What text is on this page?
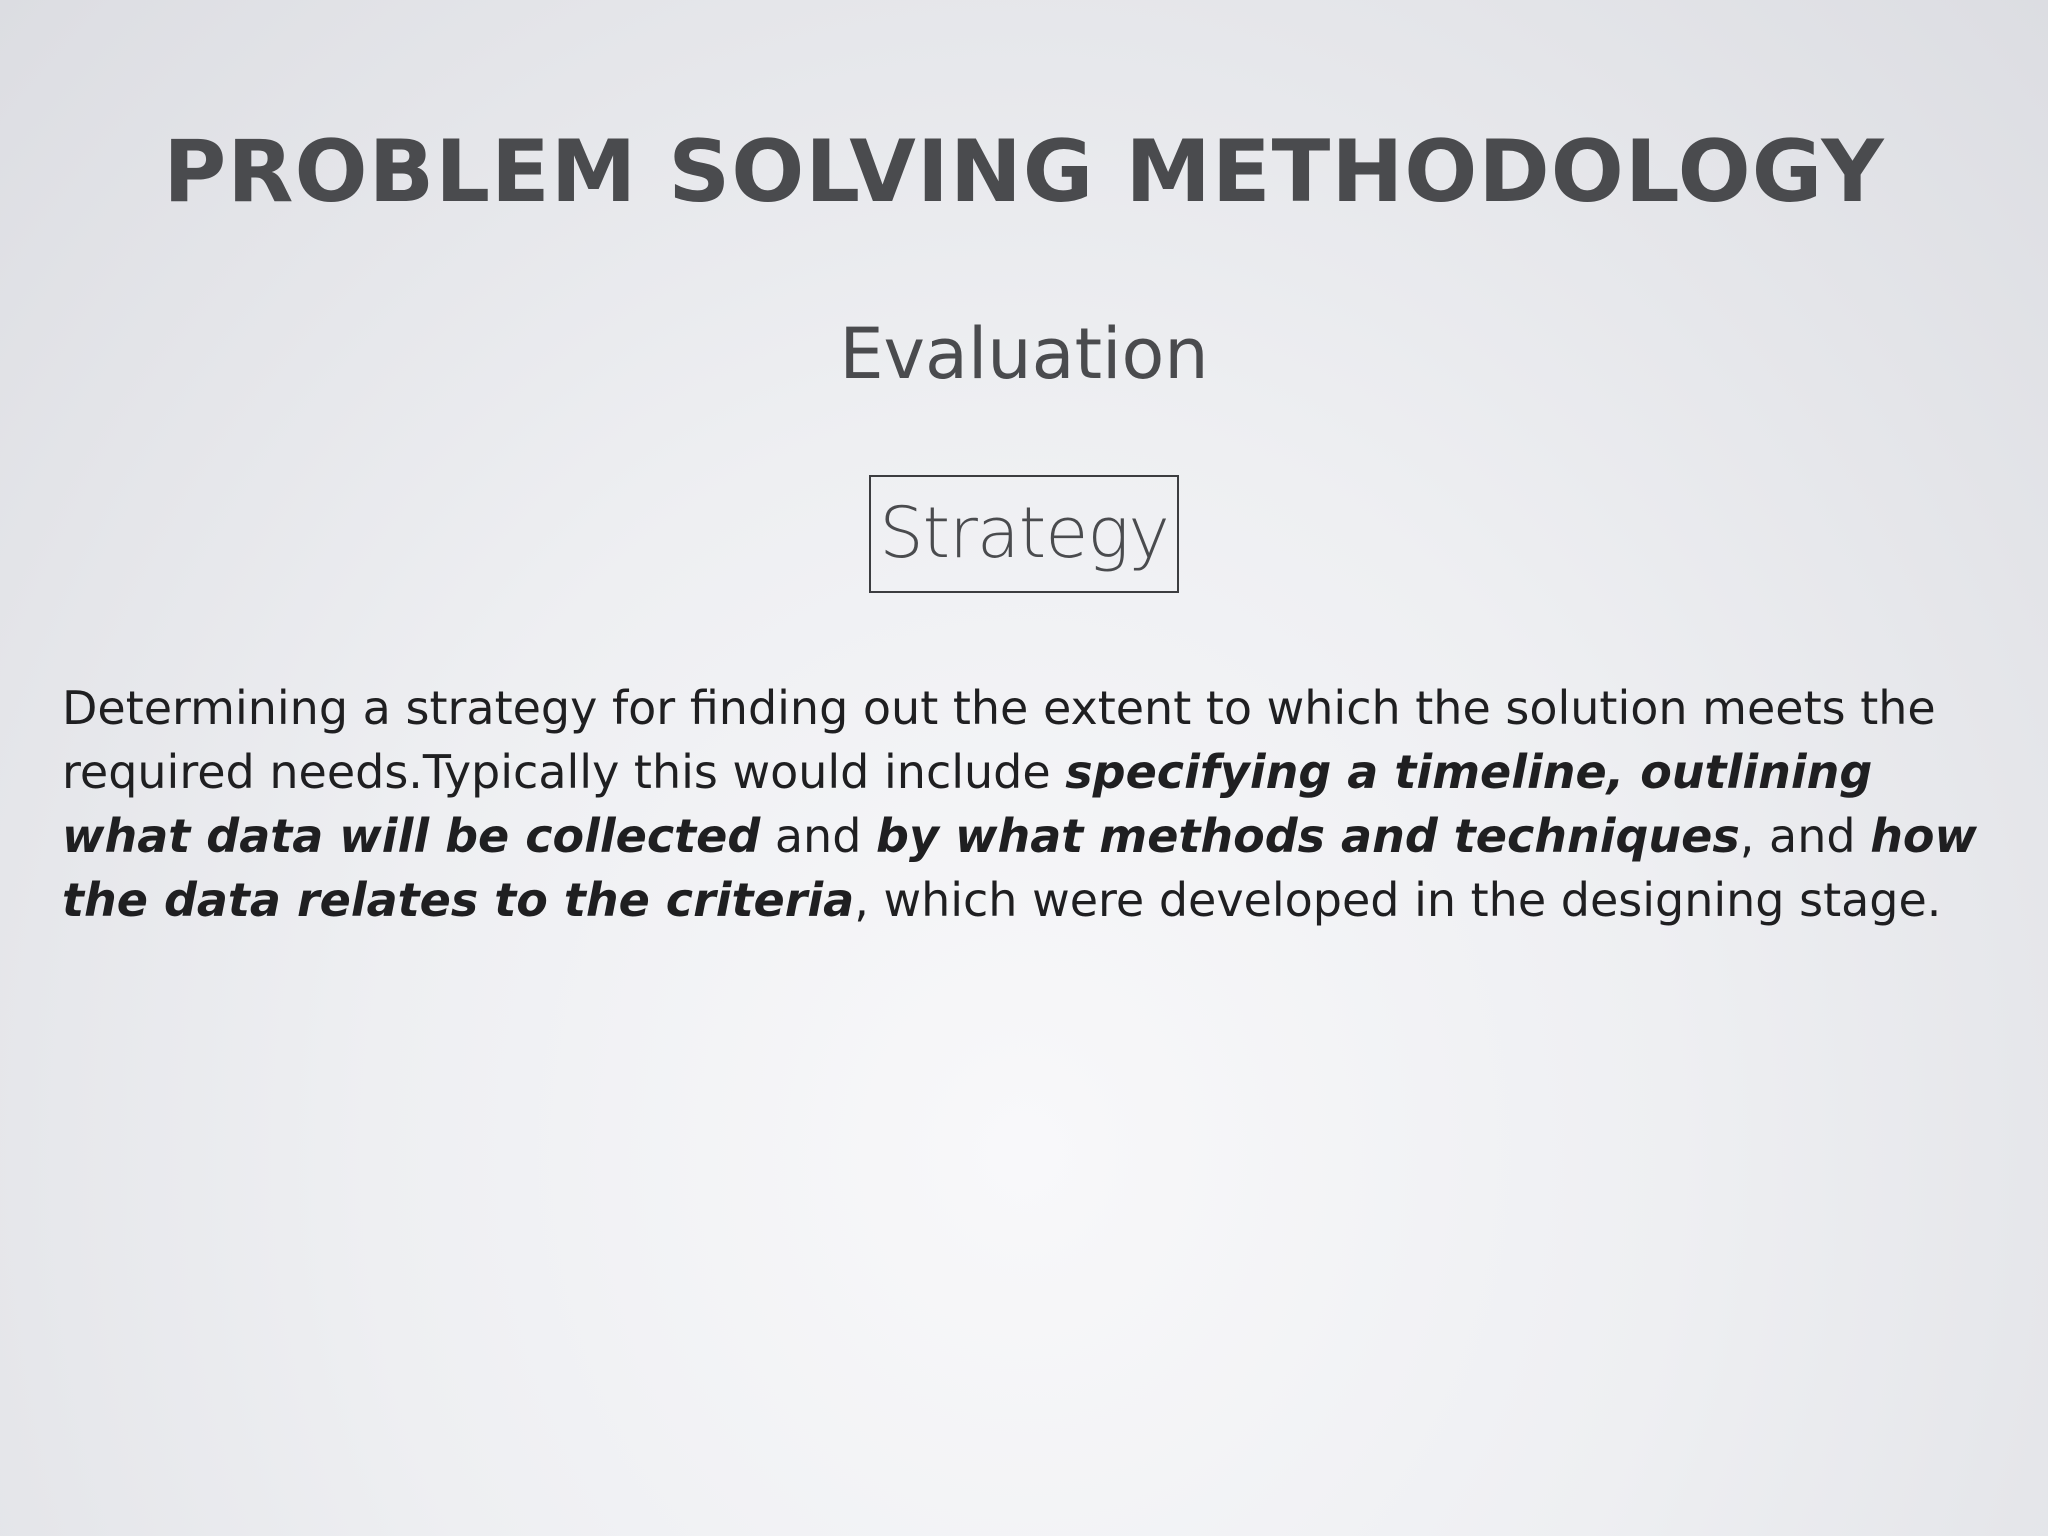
PROBLEM SOLVING METHODOLOGY
Evaluation
Strategy
Determining a strategy for finding out the extent to which the solution meets the required needs.Typically this would include specifying a timeline, outlining what data will be collected and by what methods and techniques, and how the data relates to the criteria, which were developed in the designing stage.
